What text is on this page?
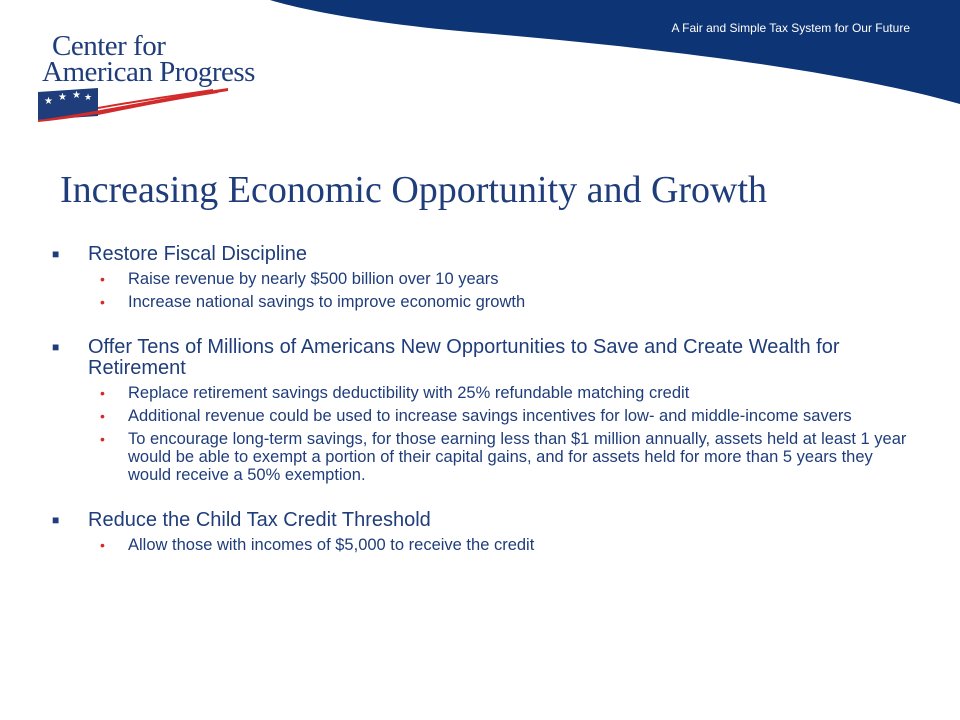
A Fair and Simple Tax System for Our Future
Center for
American Progress
★ ★ ★ ★
Increasing Economic Opportunity and Growth
■	Restore Fiscal Discipline
•	Raise revenue by nearly $500 billion over 10 years
•	Increase national savings to improve economic growth
■	Offer Tens of Millions of Americans New Opportunities to Save and Create Wealth for Retirement
•	Replace retirement savings deductibility with 25% refundable matching credit
•	Additional revenue could be used to increase savings incentives for low- and middle-income savers
•	To encourage long-term savings, for those earning less than $1 million annually, assets held at least 1 year would be able to exempt a portion of their capital gains, and for assets held for more than 5 years they would receive a 50% exemption.
■	Reduce the Child Tax Credit Threshold
•	Allow those with incomes of $5,000 to receive the credit
